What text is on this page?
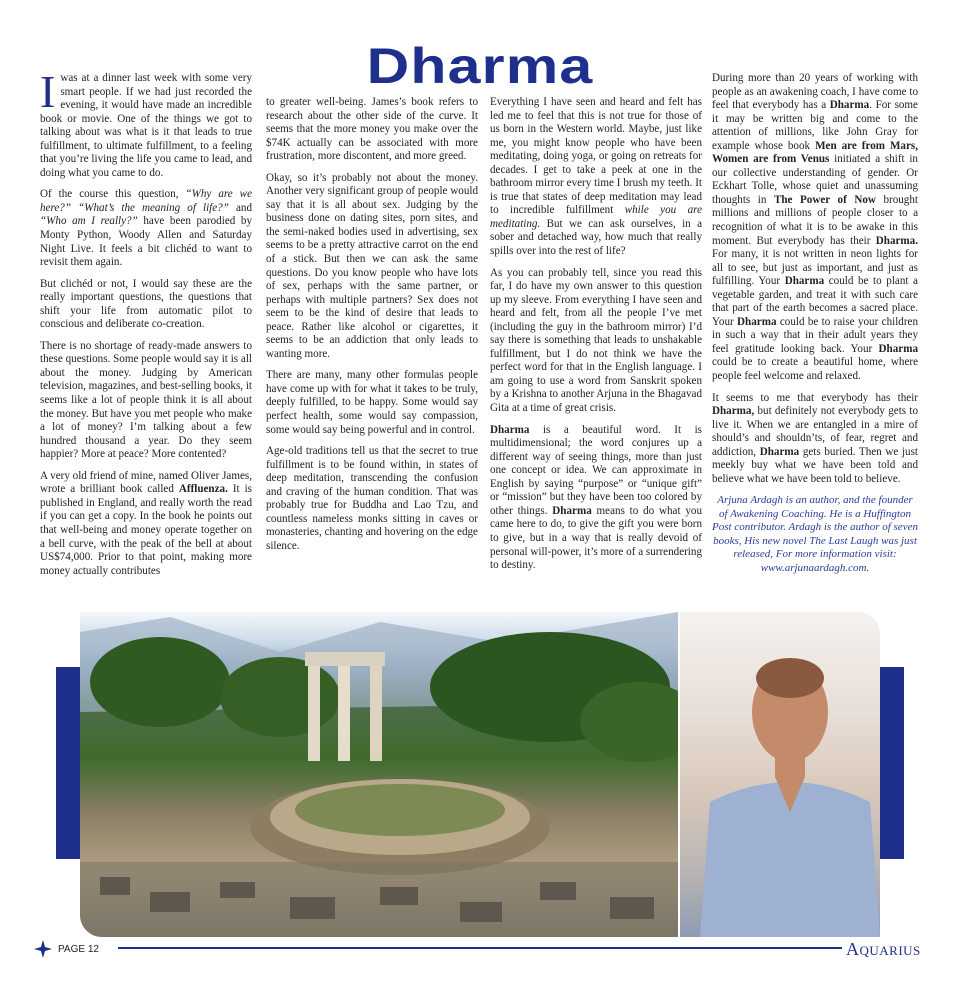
Dharma

Iwas at a dinner last week with some very smart people. If we had just recorded the evening, it would have made an incredible book or movie. One of the things we got to talking about was what is it that leads to true fulfillment, to ultimate fulfillment, to a feeling that you’re living the life you came to lead, and doing what you came to do.

Of the course this question, “Why are we here?” “What’s the meaning of life?” and “Who am I really?” have been parodied by Monty Python, Woody Allen and Saturday Night Live. It feels a bit clichéd to want to revisit them again.

But clichéd or not, I would say these are the really important questions, the questions that shift your life from automatic pilot to conscious and deliberate co-creation.

There is no shortage of ready-made answers to these questions. Some people would say it is all about the money. Judging by American television, magazines, and best-selling books, it seems like a lot of people think it is all about the money. But have you met people who make a lot of money? I’m talking about a few hundred thousand a year. Do they seem happier? More at peace? More contented?

A very old friend of mine, named Oliver James, wrote a brilliant book called Affluenza. It is published in England, and really worth the read if you can get a copy. In the book he points out that well-being and money operate together on a bell curve, with the peak of the bell at about US$74,000. Prior to that point, making more money actually contributes

to greater well-being. James’s book refers to research about the other side of the curve. It seems that the more money you make over the $74K actually can be associated with more frustration, more discontent, and more greed.

Okay, so it’s probably not about the money. Another very significant group of people would say that it is all about sex. Judging by the business done on dating sites, porn sites, and the semi-naked bodies used in advertising, sex seems to be a pretty attractive carrot on the end of a stick. But then we can ask the same questions. Do you know people who have lots of sex, perhaps with the same partner, or perhaps with multiple partners? Sex does not seem to be the kind of desire that leads to peace. Rather like alcohol or cigarettes, it seems to be an addiction that only leads to wanting more.

There are many, many other formulas people have come up with for what it takes to be truly, deeply fulfilled, to be happy. Some would say perfect health, some would say compassion, some would say being powerful and in control.

Age-old traditions tell us that the secret to true fulfillment is to be found within, in states of deep meditation, transcending the confusion and craving of the human condition. That was probably true for Buddha and Lao Tzu, and countless nameless monks sitting in caves or monasteries, chanting and hovering on the edge silence.

Everything I have seen and heard and felt has led me to feel that this is not true for those of us born in the Western world. Maybe, just like me, you might know people who have been meditating, doing yoga, or going on retreats for decades. I get to take a peek at one in the bathroom mirror every time I brush my teeth. It is true that states of deep meditation may lead to incredible fulfillment while you are meditating. But we can ask ourselves, in a sober and detached way, how much that really spills over into the rest of life?

As you can probably tell, since you read this far, I do have my own answer to this question up my sleeve. From everything I have seen and heard and felt, from all the people I’ve met (including the guy in the bathroom mirror) I’d say there is something that leads to unshakable fulfillment, but I do not think we have the perfect word for that in the English language. I am going to use a word from Sanskrit spoken by a Krishna to another Arjuna in the Bhagavad Gita at a time of great crisis.

Dharma is a beautiful word. It is multidimensional; the word conjures up a different way of seeing things, more than just one concept or idea. We can approximate in English by saying “purpose” or “unique gift” or “mission” but they have been too colored by other things. Dharma means to do what you came here to do, to give the gift you were born to give, but in a way that is really devoid of personal will-power, it’s more of a surrendering to destiny.

During more than 20 years of working with people as an awakening coach, I have come to feel that everybody has a Dharma. For some it may be written big and come to the attention of millions, like John Gray for example whose book Men are from Mars, Women are from Venus initiated a shift in our collective understanding of gender. Or Eckhart Tolle, whose quiet and unassuming thoughts in The Power of Now brought millions and millions of people closer to a recognition of what it is to be awake in this moment. But everybody has their Dharma. For many, it is not written in neon lights for all to see, but just as important, and just as fulfilling. Your Dharma could be to plant a vegetable garden, and treat it with such care that part of the earth becomes a sacred place. Your Dharma could be to raise your children in such a way that in their adult years they feel gratitude looking back. Your Dharma could be to create a beautiful home, where people feel welcome and relaxed.

It seems to me that everybody has their Dharma, but definitely not everybody gets to live it. When we are entangled in a mire of should’s and shouldn’ts, of fear, regret and addiction, Dharma gets buried. Then we just meekly buy what we have been told and believe what we have been told to believe.

Arjuna Ardagh is an author, and the founder of Awakening Coaching. He is a Huffington Post contributor. Ardagh is the author of seven books, His new novel The Last Laugh was just released, For more information visit: www.arjunaardagh.com.

PAGE 12	AQUARIUS
